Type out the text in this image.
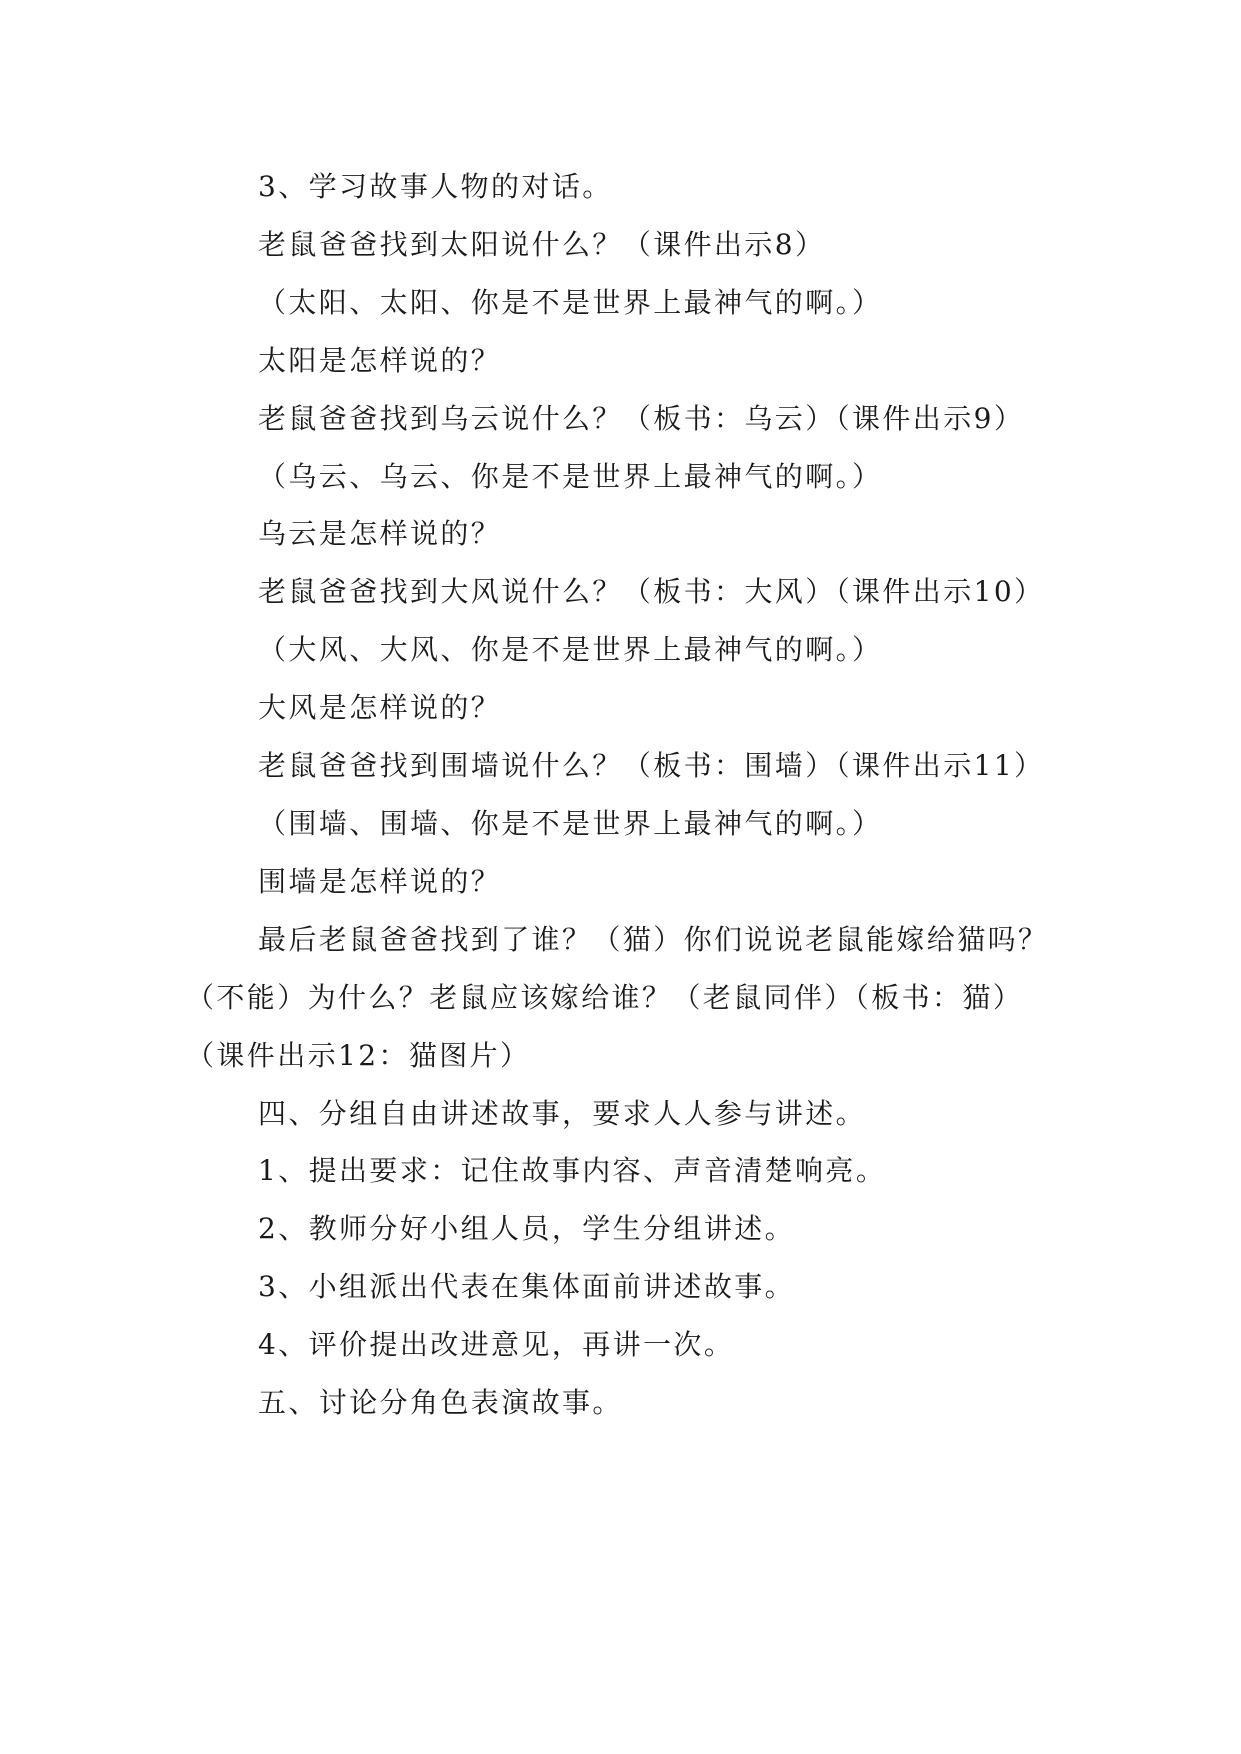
3、学习故事人物的对话。

老鼠爸爸找到太阳说什么？（课件出示8）

（太阳、太阳、你是不是世界上最神气的啊。）

太阳是怎样说的？

老鼠爸爸找到乌云说什么？（板书：乌云）（课件出示9）

（乌云、乌云、你是不是世界上最神气的啊。）

乌云是怎样说的？

老鼠爸爸找到大风说什么？（板书：大风）（课件出示10）

（大风、大风、你是不是世界上最神气的啊。）

大风是怎样说的？

老鼠爸爸找到围墙说什么？（板书：围墙）（课件出示11）

（围墙、围墙、你是不是世界上最神气的啊。）

围墙是怎样说的？

最后老鼠爸爸找到了谁？（猫）你们说说老鼠能嫁给猫吗？（不能）为什么？老鼠应该嫁给谁？（老鼠同伴）（板书：猫）（课件出示12：猫图片）

四、分组自由讲述故事，要求人人参与讲述。

1、提出要求：记住故事内容、声音清楚响亮。

2、教师分好小组人员，学生分组讲述。

3、小组派出代表在集体面前讲述故事。

4、评价提出改进意见，再讲一次。

五、讨论分角色表演故事。
